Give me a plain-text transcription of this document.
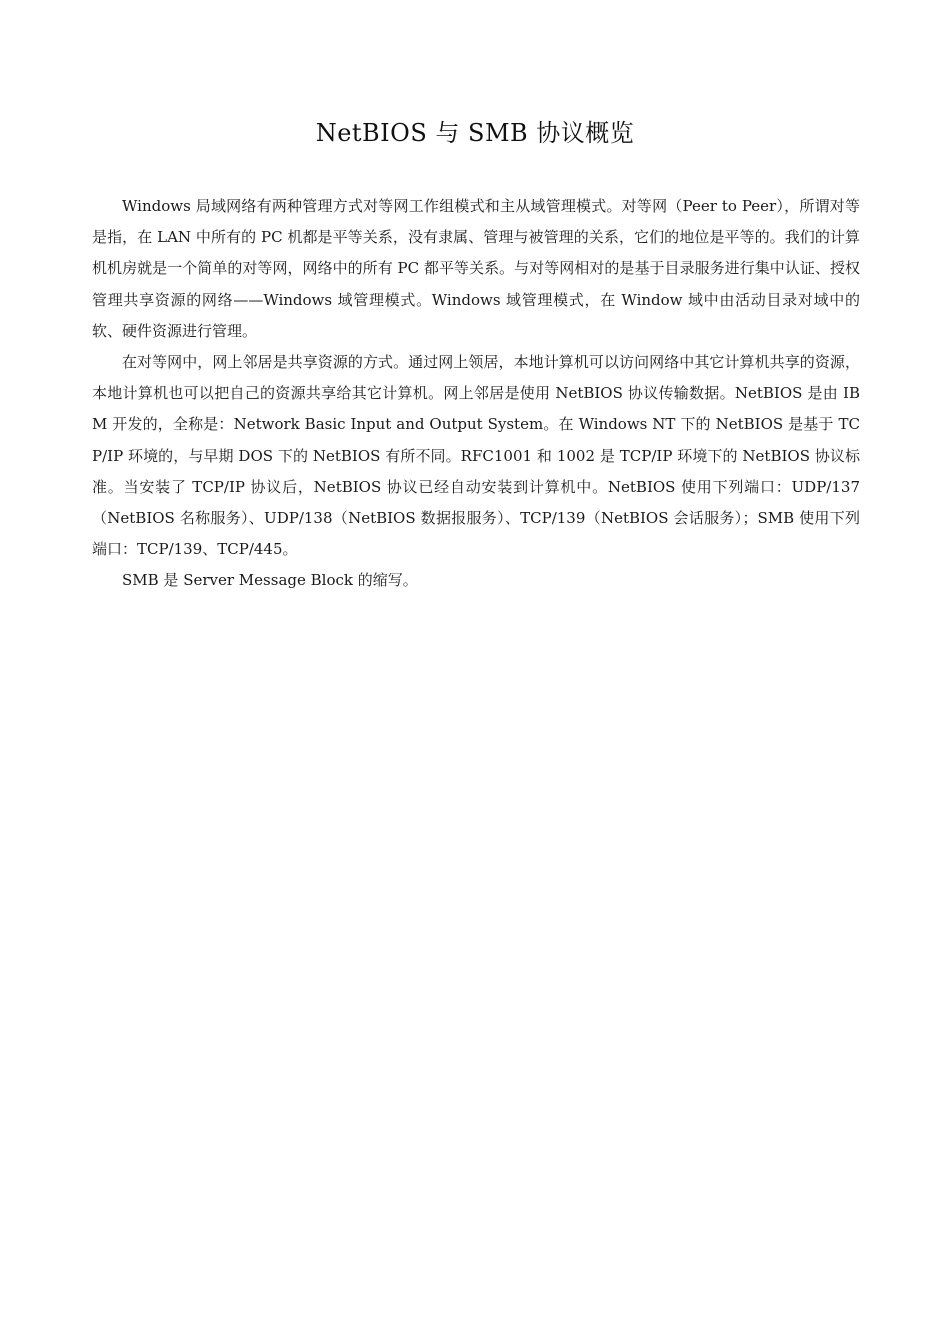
NetBIOS 与 SMB 协议概览

Windows 局域网络有两种管理方式对等网工作组模式和主从域管理模式。对等网（Peer to Peer），所谓对等是指，在 LAN 中所有的 PC 机都是平等关系，没有隶属、管理与被管理的关系，它们的地位是平等的。我们的计算机机房就是一个简单的对等网，网络中的所有 PC 都平等关系。与对等网相对的是基于目录服务进行集中认证、授权管理共享资源的网络——Windows 域管理模式。Windows 域管理模式，在 Window 域中由活动目录对域中的软、硬件资源进行管理。

在对等网中，网上邻居是共享资源的方式。通过网上领居，本地计算机可以访问网络中其它计算机共享的资源，本地计算机也可以把自己的资源共享给其它计算机。网上邻居是使用 NetBIOS 协议传输数据。NetBIOS 是由 IBM 开发的，全称是：Network Basic Input and Output System。在 Windows NT 下的 NetBIOS 是基于 TCP/IP 环境的，与早期 DOS 下的 NetBIOS 有所不同。RFC1001 和 1002 是 TCP/IP 环境下的 NetBIOS 协议标准。当安装了 TCP/IP 协议后，NetBIOS 协议已经自动安装到计算机中。NetBIOS 使用下列端口：UDP/137（NetBIOS 名称服务）、UDP/138（NetBIOS 数据报服务）、TCP/139（NetBIOS 会话服务）；SMB 使用下列端口：TCP/139、TCP/445。

SMB 是 Server Message Block 的缩写。
